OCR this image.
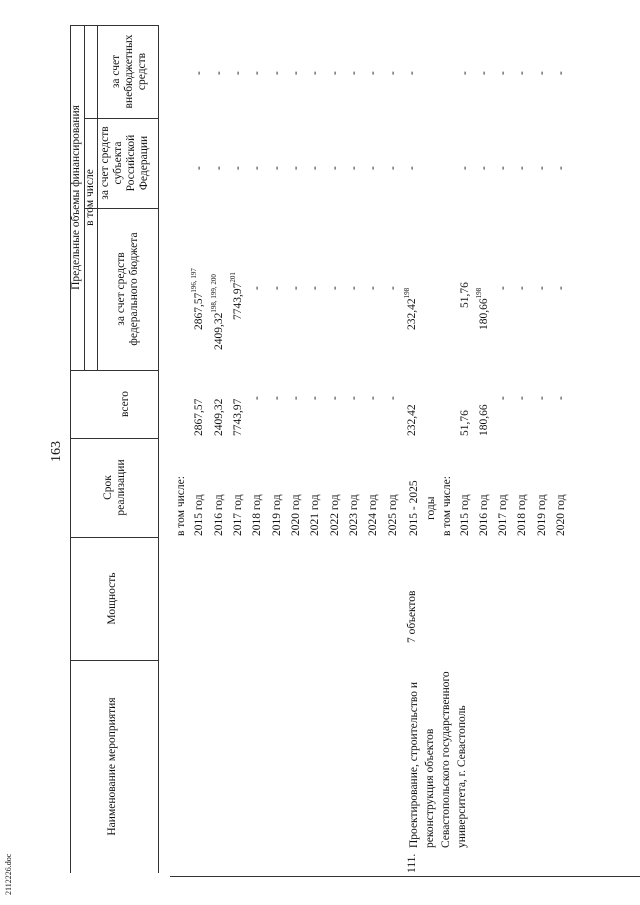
163
2112226.doc
Наименование мероприятия
Мощность
Срок реализации
Предельные объемы финансирования
всего
в том числе
за счет средств федерального бюджета
за счет средств субъекта Российской Федерации
за счет внебюджетных средств
в том числе: 2015 год
2867,57
2867,57$^{196, 197}$
-
-
2016 год
2409,32
2409,32$^{198, 199, 200}$
-
-
2017 год
7743,97
7743,97$^{201}$
-
-
2018 год
-
-
-
-
2019 год
-
-
-
-
2020 год
-
-
-
-
2021 год
-
-
-
-
2022 год
-
-
-
-
2023 год
-
-
-
-
2024 год
-
-
-
-
2025 год
-
-
-
-
111.
Проектирование, строительство и реконструкция объектов Севастопольского государственного университета, г. Севастополь
7 объектов
2015 - 2025 годы
232,42
232,42$^{198}$
-
-
в том числе: 2015 год
51,76
51,76
-
-
2016 год
180,66
180,66$^{198}$
-
-
2017 год
-
-
-
-
2018 год
-
-
-
-
2019 год
-
-
-
-
2020 год
-
-
-
-
